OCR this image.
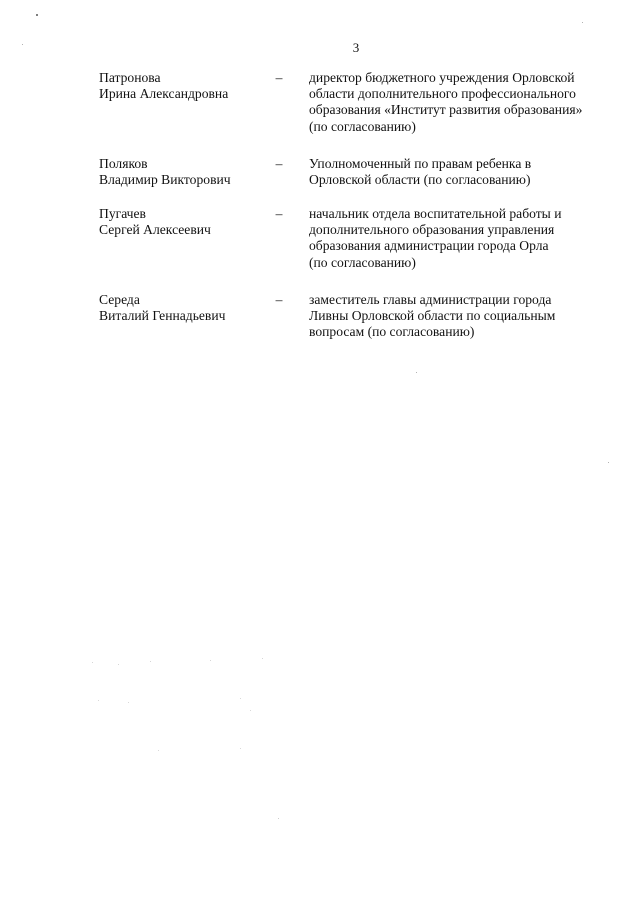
3
Патронова
Ирина Александровна
– директор бюджетного учреждения Орловской
области дополнительного профессионального
образования «Институт развития образования»
(по согласованию)
Поляков
Владимир Викторович
– Уполномоченный по правам ребенка в
Орловской области (по согласованию)
Пугачев
Сергей Алексеевич
– начальник отдела воспитательной работы и
дополнительного образования управления
образования администрации города Орла
(по согласованию)
Середа
Виталий Геннадьевич
– заместитель главы администрации города
Ливны Орловской области по социальным
вопросам (по согласованию)
